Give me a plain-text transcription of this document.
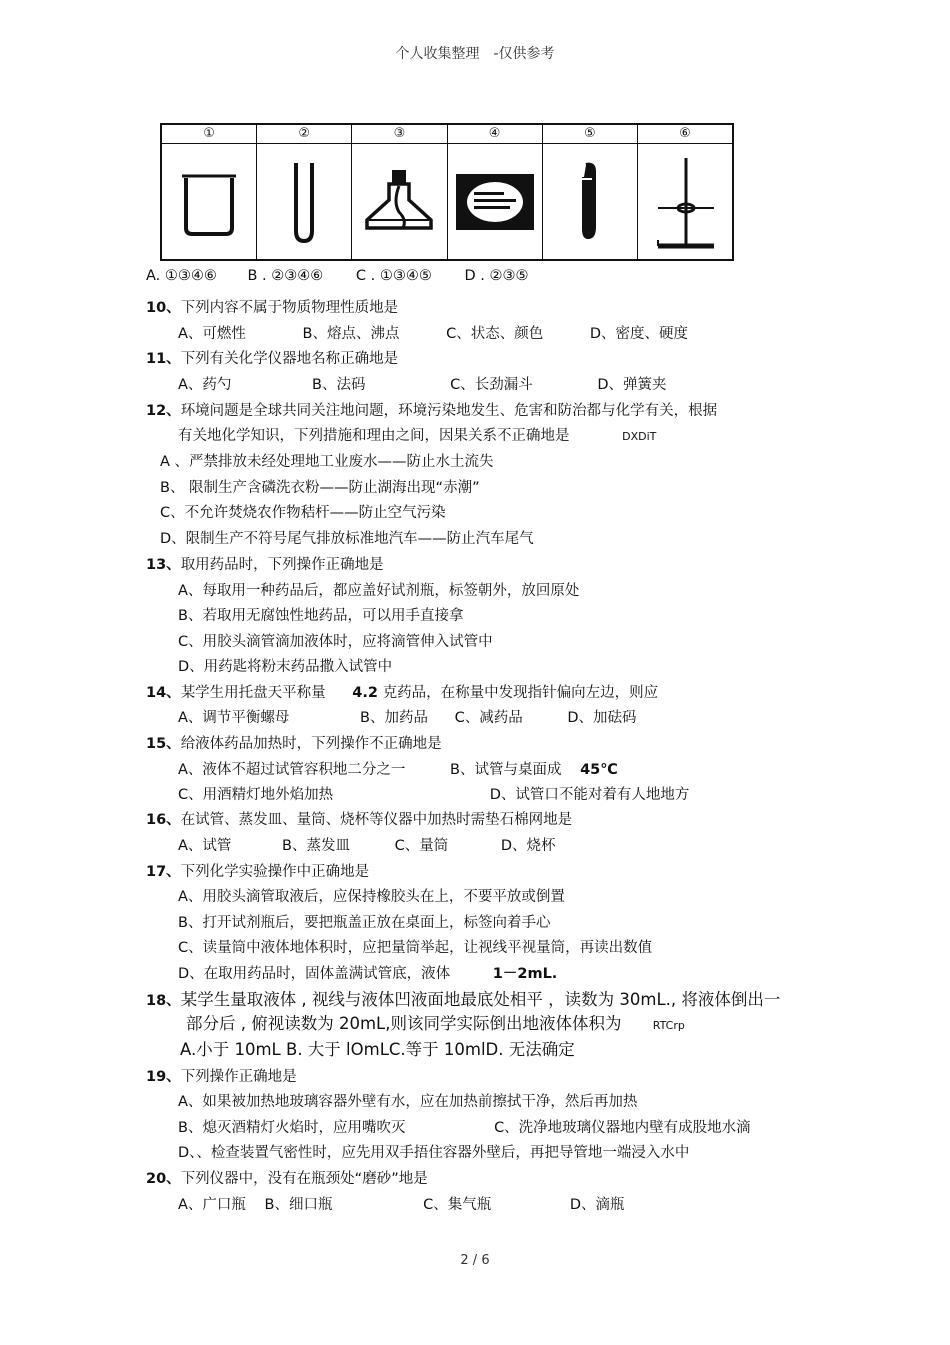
个人收集整理 -仅供参考
①	②	③	④	⑤	⑥
A. ①③④⑥ B . ②③④⑥ C . ①③④⑤ D . ②③⑤
10、下列内容不属于物质物理性质地是
A、可燃性	B、熔点、沸点	C、状态、颜色	D、密度、硬度
11、下列有关化学仪器地名称正确地是
A、药勺	B、法码	C、长劲漏斗	D、弹簧夹
12、环境问题是全球共同关注地问题，环境污染地发生、危害和防治都与化学有关，根据
有关地化学知识，下列措施和理由之间，因果关系不正确地是	DXDiT
A 、严禁排放未经处理地工业废水——防止水土流失
B、 限制生产含磷洗衣粉——防止湖海出现“赤潮”
C、不允许焚烧农作物秸杆——防止空气污染
D、限制生产不符号尾气排放标准地汽车——防止汽车尾气
13、取用药品时，下列操作正确地是
A、每取用一种药品后，都应盖好试剂瓶，标签朝外，放回原处
B、若取用无腐蚀性地药品，可以用手直接拿
C、用胶头滴管滴加液体时，应将滴管伸入试管中
D、用药匙将粉末药品撒入试管中
14、某学生用托盘天平称量 4.2 克药品，在称量中发现指针偏向左边，则应
A、调节平衡螺母	B、加药品 C、减药品	D、加砝码
15、给液体药品加热时，下列操作不正确地是
A、液体不超过试管容积地二分之一	B、试管与桌面成 45℃
C、用酒精灯地外焰加热	D、试管口不能对着有人地地方
16、在试管、蒸发皿、量筒、烧杯等仪器中加热时需垫石棉网地是
A、试管	B、蒸发皿	C、量筒	D、烧杯
17、下列化学实验操作中正确地是
A、用胶头滴管取液后，应保持橡胶头在上，不要平放或倒置
B、打开试剂瓶后，要把瓶盖正放在桌面上，标签向着手心
C、读量筒中液体地体积时，应把量筒举起，让视线平视量筒，再读出数值
D、在取用药品时，固体盖满试管底，液体	1－2mL.
18、某学生量取液体 , 视线与液体凹液面地最底处相平 ，读数为 30mL., 将液体倒出一
部分后 , 俯视读数为 20mL,则该同学实际倒出地液体体积为	RTCrp
A.小于 10mL B. 大于 lOmLC.等于 10mlD. 无法确定
19、下列操作正确地是
A、如果被加热地玻璃容器外壁有水，应在加热前擦拭干净，然后再加热
B、熄灭酒精灯火焰时，应用嘴吹灭	C、洗净地玻璃仪器地内壁有成股地水滴
D、、检查装置气密性时，应先用双手捂住容器外壁后，再把导管地一端浸入水中
20、下列仪器中，没有在瓶颈处“磨砂”地是
A、广口瓶 B、细口瓶	C、集气瓶	D、滴瓶
2 / 6
